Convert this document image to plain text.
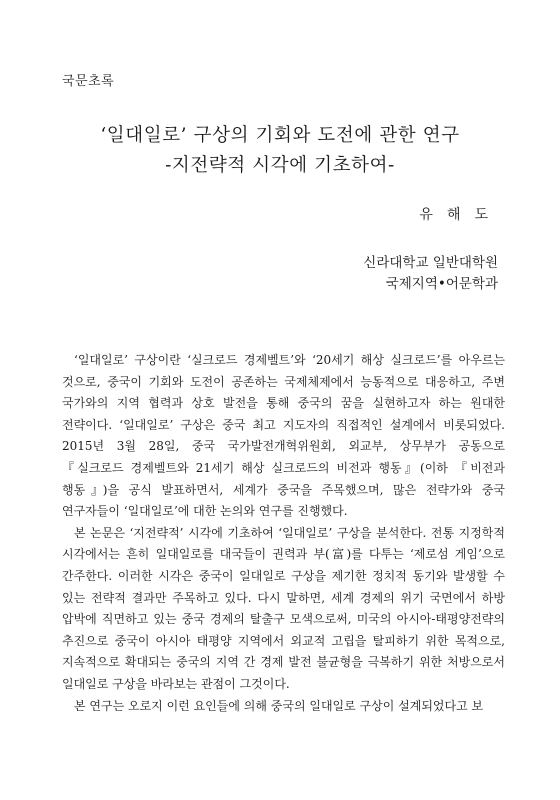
국문초록
‘일대일로’ 구상의 기회와 도전에 관한 연구
-지전략적 시각에 기초하여-
유해도
신라대학교 일반대학원
국제지역•어문학과

‘일대일로’ 구상이란 ‘실크로드 경제벨트’와 ‘20세기 해상 실크로드’를 아우르는 것으로, 중국이 기회와 도전이 공존하는 국제체제에서 능동적으로 대응하고, 주변 국가와의 지역 협력과 상호 발전을 통해 중국의 꿈을 실현하고자 하는 원대한 전략이다. ‘일대일로’ 구상은 중국 최고 지도자의 직접적인 설계에서 비롯되었다. 2015년 3월 28일, 중국 국가발전개혁위원회, 외교부, 상무부가 공동으로 『실크로드 경제벨트와 21세기 해상 실크로드의 비전과 행동』(이하 『비전과 행동』)을 공식 발표하면서, 세계가 중국을 주목했으며, 많은 전략가와 중국 연구자들이 ‘일대일로’에 대한 논의와 연구를 진행했다.

본 논문은 ‘지전략적’ 시각에 기초하여 ‘일대일로’ 구상을 분석한다. 전통 지정학적 시각에서는 흔히 일대일로를 대국들이 권력과 부(富)를 다투는 ‘제로섬 게임’으로 간주한다. 이러한 시각은 중국이 일대일로 구상을 제기한 정치적 동기와 발생할 수 있는 전략적 결과만 주목하고 있다. 다시 말하면, 세계 경제의 위기 국면에서 하방 압박에 직면하고 있는 중국 경제의 탈출구 모색으로써, 미국의 아시아-태평양전략의 추진으로 중국이 아시아 태평양 지역에서 외교적 고립을 탈피하기 위한 목적으로, 지속적으로 확대되는 중국의 지역 간 경제 발전 불균형을 극복하기 위한 처방으로서 일대일로 구상을 바라보는 관점이 그것이다.

본 연구는 오로지 이런 요인들에 의해 중국의 일대일로 구상이 설계되었다고 보
